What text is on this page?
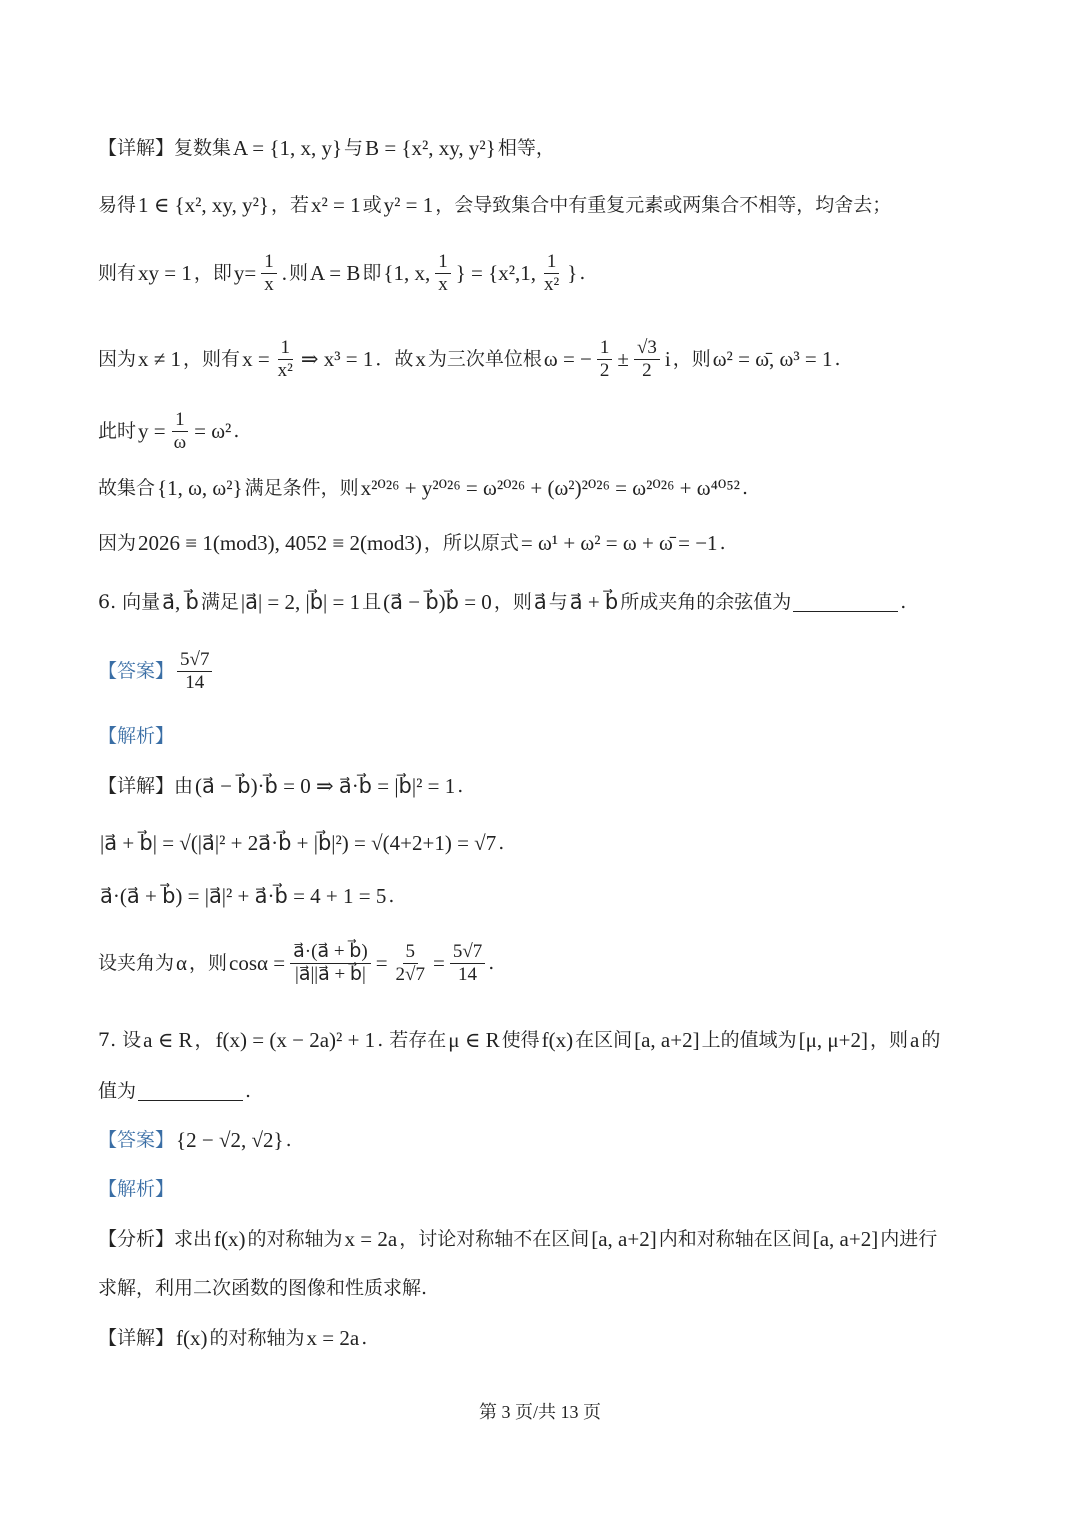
【详解】 复数集 A = {1, x, y} 与 B = {x², xy, y²} 相等，
易得 1 ∈ {x², xy, y²} ，若 x² = 1 或 y² = 1 ，会导致集合中有重复元素或两集合不相等，均舍去；
则有 xy = 1 ，即 $y= \frac{1}{x}$ . 则 A = B 即 {1, x, $\frac{1}{x}$ } = {x²,1, $\frac{1}{\text{x²}}$ } .
因为 x ≠ 1 ，则有 $x = \frac{1}{\text{x²}}$ ⇒ x³ = 1 ．故 x 为三次单位根 ω = − $\frac{1}{2} \pm \frac{√3}{2}$ i ，则 ω² = ω̄, ω³ = 1 .
此时 $y = \frac{1}{\omega} = \omega^2$ .
故集合 {1, ω, ω²} 满足条件，则 x²⁰²⁶ + y²⁰²⁶ = ω²⁰²⁶ + (ω²)²⁰²⁶ = ω²⁰²⁶ + ω⁴⁰⁵² .
因为 2026 ≡ 1(mod3), 4052 ≡ 2(mod3) ，所以原式 = ω¹ + ω² = ω + ω̄ = −1 .
6. 向量 a⃗, b⃗ 满足 |a⃗| = 2, |b⃗| = 1 且 (a⃗ − b⃗)b⃗ = 0 ，则 a⃗ 与 a⃗ + b⃗ 所成夹角的余弦值为	.
【答案】 $\frac{5√7}{14}$
【解析】
【详解】 由 (a⃗ − b⃗)·b⃗ = 0 ⇒ a⃗·b⃗ = |b⃗|² = 1 .
|a⃗ + b⃗| = √(|a⃗|² + 2a⃗·b⃗ + |b⃗|²) = √(4+2+1) = √7 .
a⃗·(a⃗ + b⃗) = |a⃗|² + a⃗·b⃗ = 4 + 1 = 5 .
设夹角为 α ，则 $\cos\alpha = \frac{a⃗\cdot(a⃗ + b⃗)}{|a⃗||a⃗ + b⃗|} = \frac{5}{2√7} = \frac{5√7}{14}$ .
7. 设 a ∈ R ， f(x) = (x − 2a)² + 1 . 若存在 μ ∈ R 使得 f(x) 在区间 [a, a+2] 上的值域为 [μ, μ+2] ，则 a 的
值为	.
【答案】 {2 − √2, √2} .
【解析】
【分析】 求出 f(x) 的对称轴为 x = 2a ，讨论对称轴不在区间 [a, a+2] 内和对称轴在区间 [a, a+2] 内进行
求解，利用二次函数的图像和性质求解.
【详解】 f(x) 的对称轴为 x = 2a .
第 3 页/共 13 页
